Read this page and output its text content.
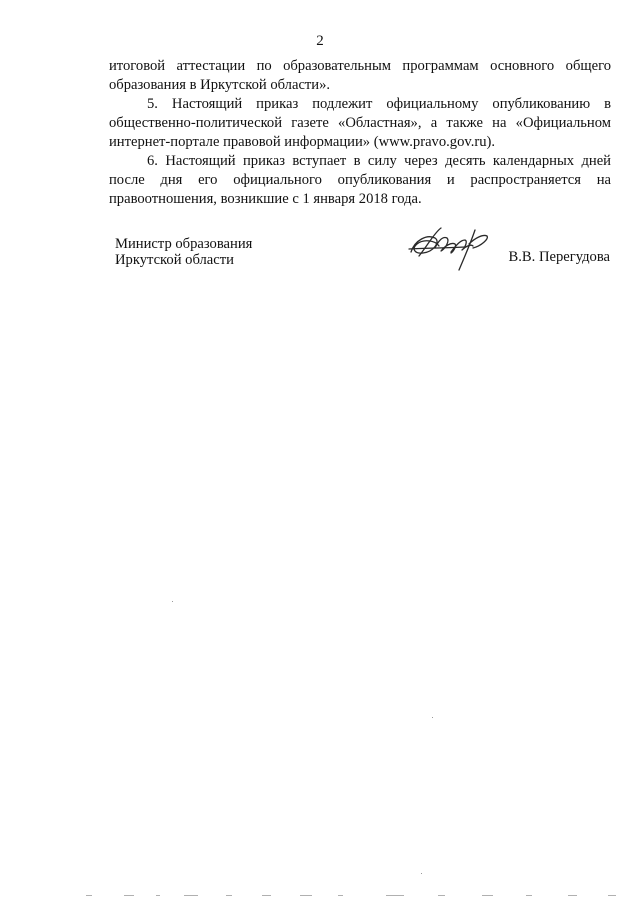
2

итоговой аттестации по образовательным программам основного общего образования в Иркутской области».

5. Настоящий приказ подлежит официальному опубликованию в общественно-политической газете «Областная», а также на «Официальном интернет-портале правовой информации» (www.pravo.gov.ru).

6. Настоящий приказ вступает в силу через десять календарных дней после дня его официального опубликования и распространяется на правоотношения, возникшие с 1 января 2018 года.

Министр образования
Иркутской области	В.В. Перегудова
